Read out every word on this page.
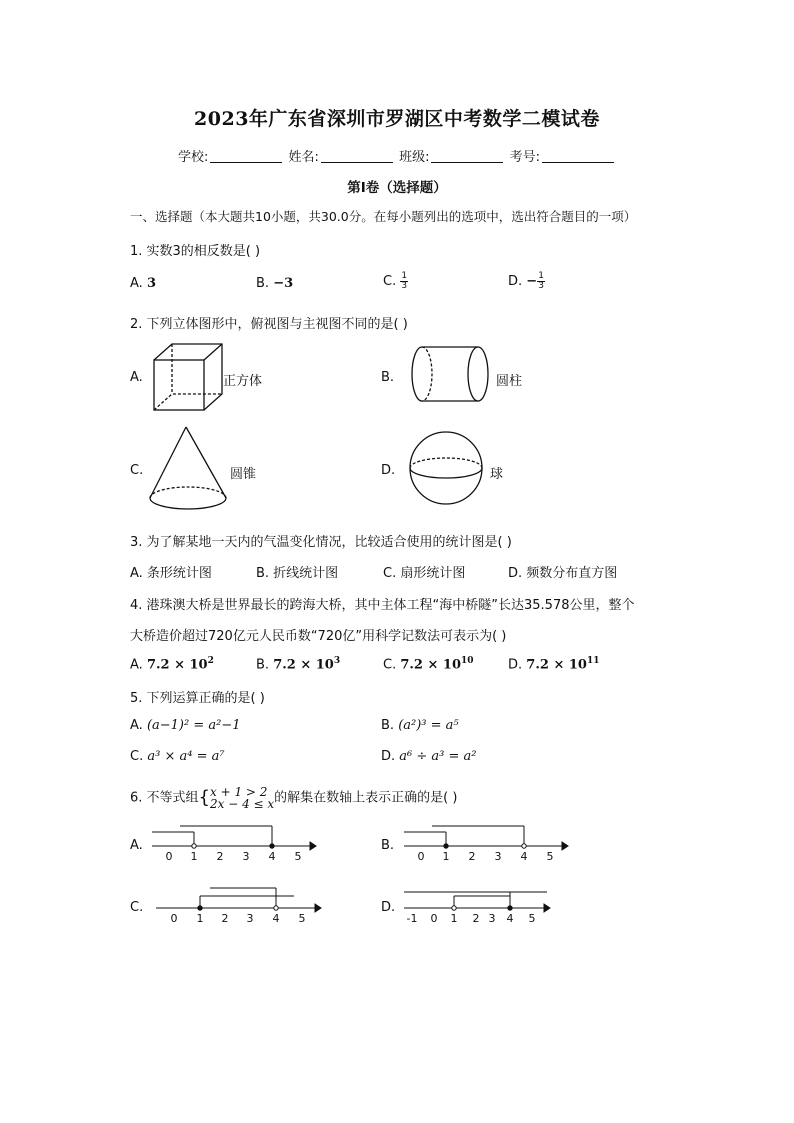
2023年广东省深圳市罗湖区中考数学二模试卷
学校:	姓名:	班级:	考号:
第I卷（选择题）
一、选择题（本大题共10小题，共30.0分。在每小题列出的选项中，选出符合题目的一项）
1. 实数3的相反数是( )
A. 3	B. −3	C. $\frac{1}{3}$	D. − $\frac{1}{3}$
2. 下列立体图形中，俯视图与主视图不同的是( )
A.	正方体	B.	圆柱
C.	圆锥	D.	球
3. 为了解某地一天内的气温变化情况，比较适合使用的统计图是( )
A. 条形统计图	B. 折线统计图	C. 扇形统计图	D. 频数分布直方图
4. 港珠澳大桥是世界最长的跨海大桥，其中主体工程“海中桥隧”长达35.578公里，整个
大桥造价超过720亿元人民币数“720亿”用科学记数法可表示为( )
A. $7.2 \times 10^2$	B. $7.2 \times 10^3$	C. $7.2 \times 10^{10}$	D. $7.2 \times 10^{11}$
5. 下列运算正确的是( )
A. (a−1)² = a²−1	B. (a²)³ = a⁵
C. a³ × a⁴ = a⁷	D. a⁶ ÷ a³ = a²
6. 不等式组{ x + 1 > 2
2x − 4 ≤ x 的解集在数轴上表示正确的是( )
A.	B.
C.	D.
0 1 2 3 4 5	0 1 2 3 4 5
0 1 2 3 4 5	-1 0 1 2 3 4 5
